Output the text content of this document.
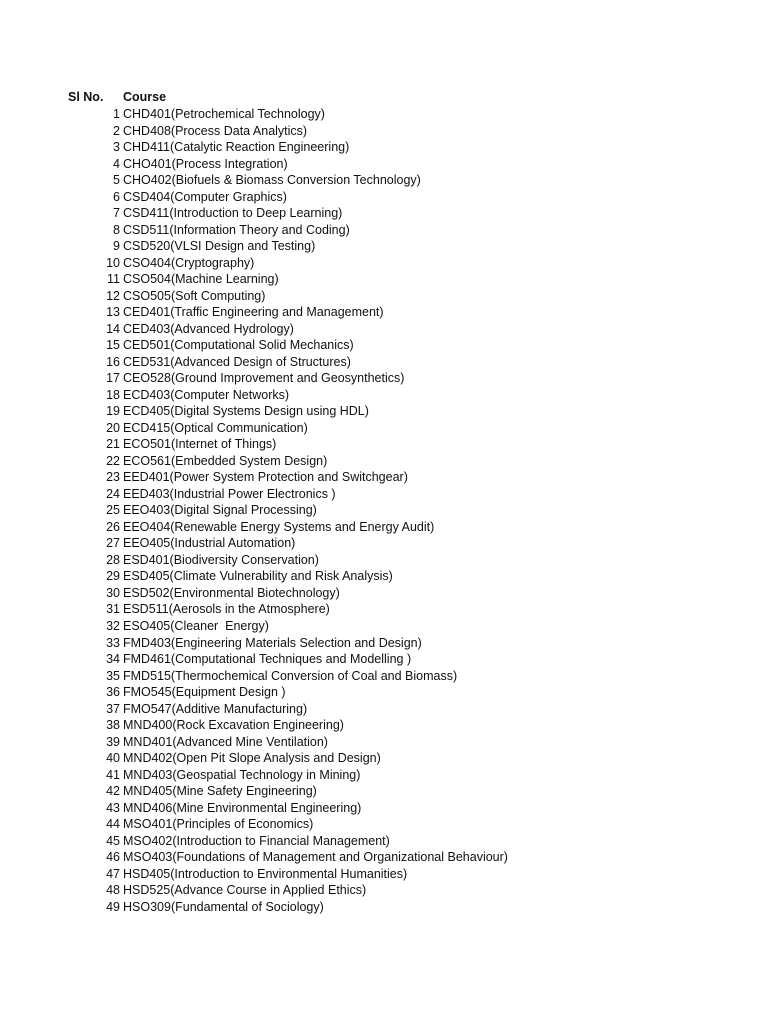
Sl No. Course
1 CHD401(Petrochemical Technology)
2 CHD408(Process Data Analytics)
3 CHD411(Catalytic Reaction Engineering)
4 CHO401(Process Integration)
5 CHO402(Biofuels & Biomass Conversion Technology)
6 CSD404(Computer Graphics)
7 CSD411(Introduction to Deep Learning)
8 CSD511(Information Theory and Coding)
9 CSD520(VLSI Design and Testing)
10 CSO404(Cryptography)
11 CSO504(Machine Learning)
12 CSO505(Soft Computing)
13 CED401(Traffic Engineering and Management)
14 CED403(Advanced Hydrology)
15 CED501(Computational Solid Mechanics)
16 CED531(Advanced Design of Structures)
17 CEO528(Ground Improvement and Geosynthetics)
18 ECD403(Computer Networks)
19 ECD405(Digital Systems Design using HDL)
20 ECD415(Optical Communication)
21 ECO501(Internet of Things)
22 ECO561(Embedded System Design)
23 EED401(Power System Protection and Switchgear)
24 EED403(Industrial Power Electronics )
25 EEO403(Digital Signal Processing)
26 EEO404(Renewable Energy Systems and Energy Audit)
27 EEO405(Industrial Automation)
28 ESD401(Biodiversity Conservation)
29 ESD405(Climate Vulnerability and Risk Analysis)
30 ESD502(Environmental Biotechnology)
31 ESD511(Aerosols in the Atmosphere)
32 ESO405(Cleaner  Energy)
33 FMD403(Engineering Materials Selection and Design)
34 FMD461(Computational Techniques and Modelling )
35 FMD515(Thermochemical Conversion of Coal and Biomass)
36 FMO545(Equipment Design )
37 FMO547(Additive Manufacturing)
38 MND400(Rock Excavation Engineering)
39 MND401(Advanced Mine Ventilation)
40 MND402(Open Pit Slope Analysis and Design)
41 MND403(Geospatial Technology in Mining)
42 MND405(Mine Safety Engineering)
43 MND406(Mine Environmental Engineering)
44 MSO401(Principles of Economics)
45 MSO402(Introduction to Financial Management)
46 MSO403(Foundations of Management and Organizational Behaviour)
47 HSD405(Introduction to Environmental Humanities)
48 HSD525(Advance Course in Applied Ethics)
49 HSO309(Fundamental of Sociology)
